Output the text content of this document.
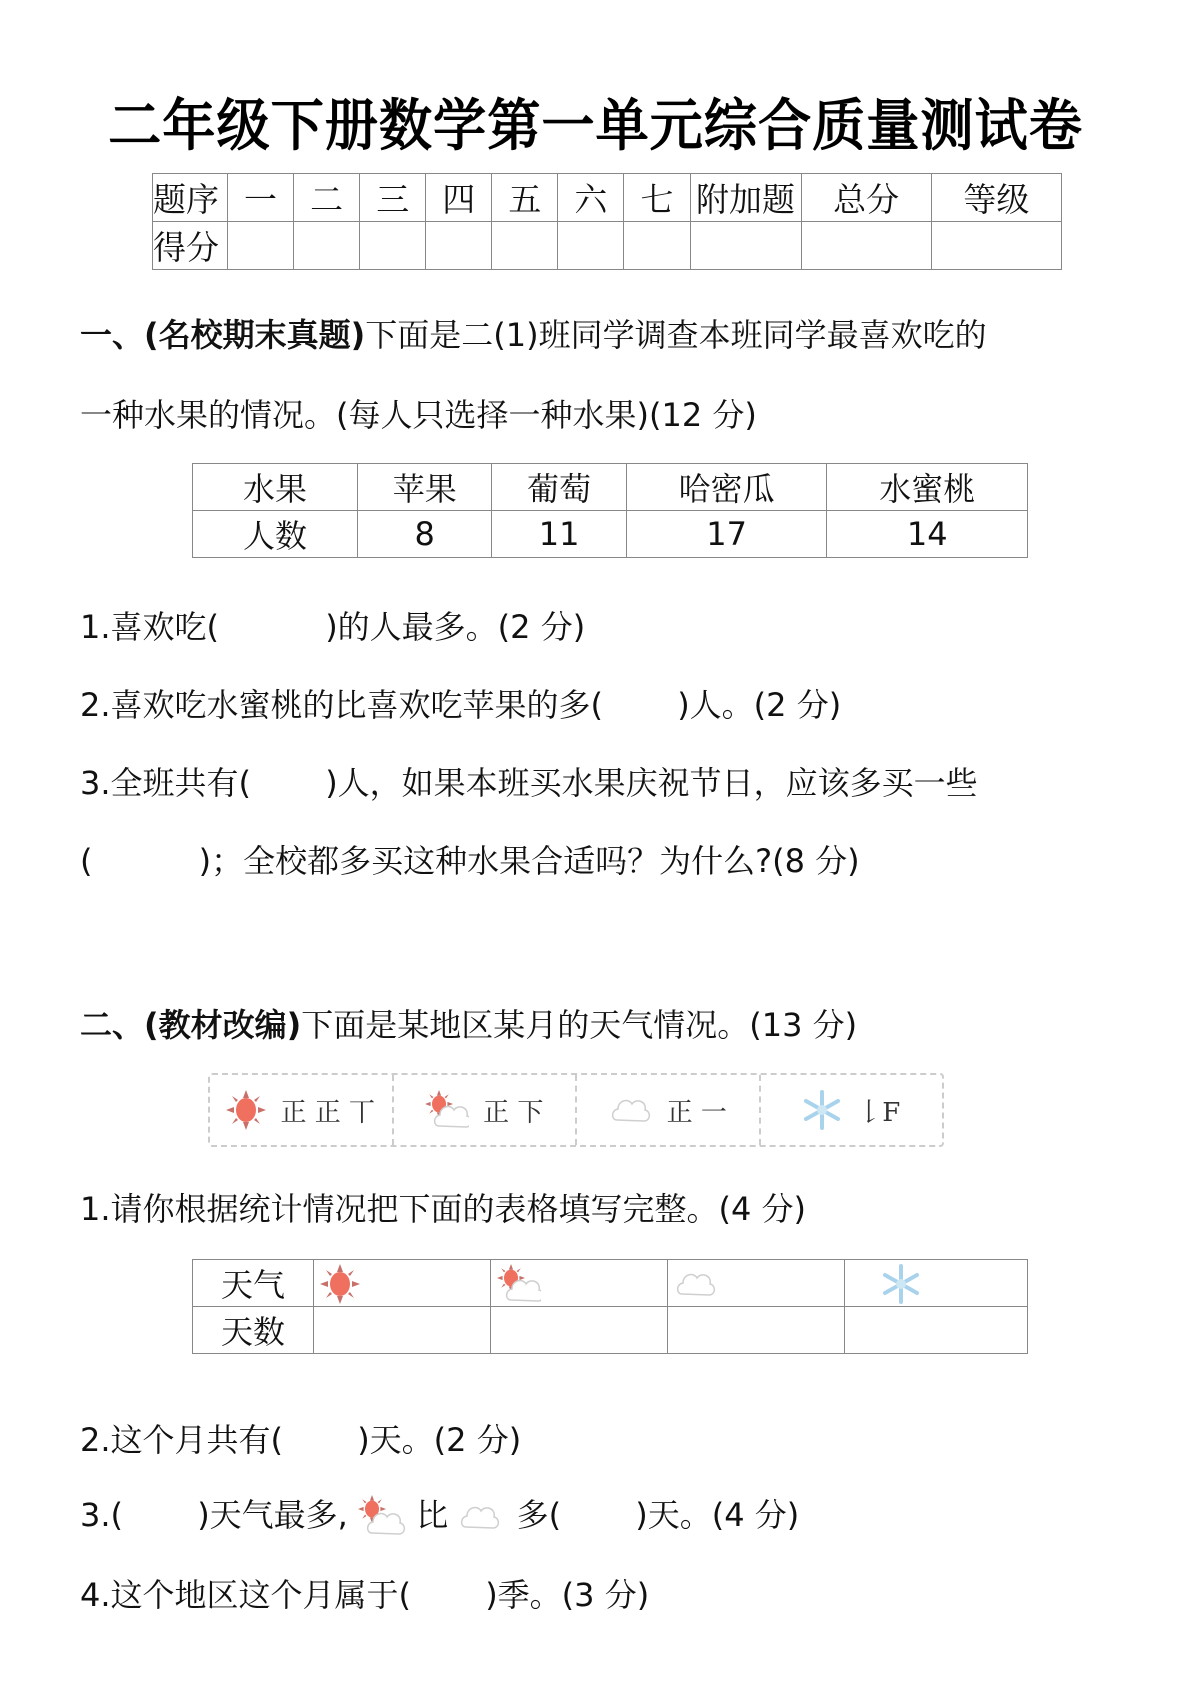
二年级下册数学第一单元综合质量测试卷
题序	一	二	三	四	五	六	七	附加题	总分	等级
得分										
一、(名校期末真题)下面是二(1)班同学调查本班同学最喜欢吃的
一种水果的情况。(每人只选择一种水果)(12 分)
水果	苹果	葡萄	哈密瓜	水蜜桃
人数	8	11	17	14
1.喜欢吃(　　　 )的人最多。(2 分)
2.喜欢吃水蜜桃的比喜欢吃苹果的多(　　 )人。(2 分)
3.全班共有(　　 )人，如果本班买水果庆祝节日，应该多买一些
(　　　 )；全校都多买这种水果合适吗？为什么?(8 分)
二、(教材改编)下面是某地区某月的天气情况。(13 分)
正 正 丅	正 下	正 一	𠄌F
1.请你根据统计情况把下面的表格填写完整。(4 分)
天气				
天数				
2.这个月共有(　　 )天。(2 分)
3.(　　 )天气最多, 比 多(　　 )天。(4 分)
4.这个地区这个月属于(　　 )季。(3 分)
